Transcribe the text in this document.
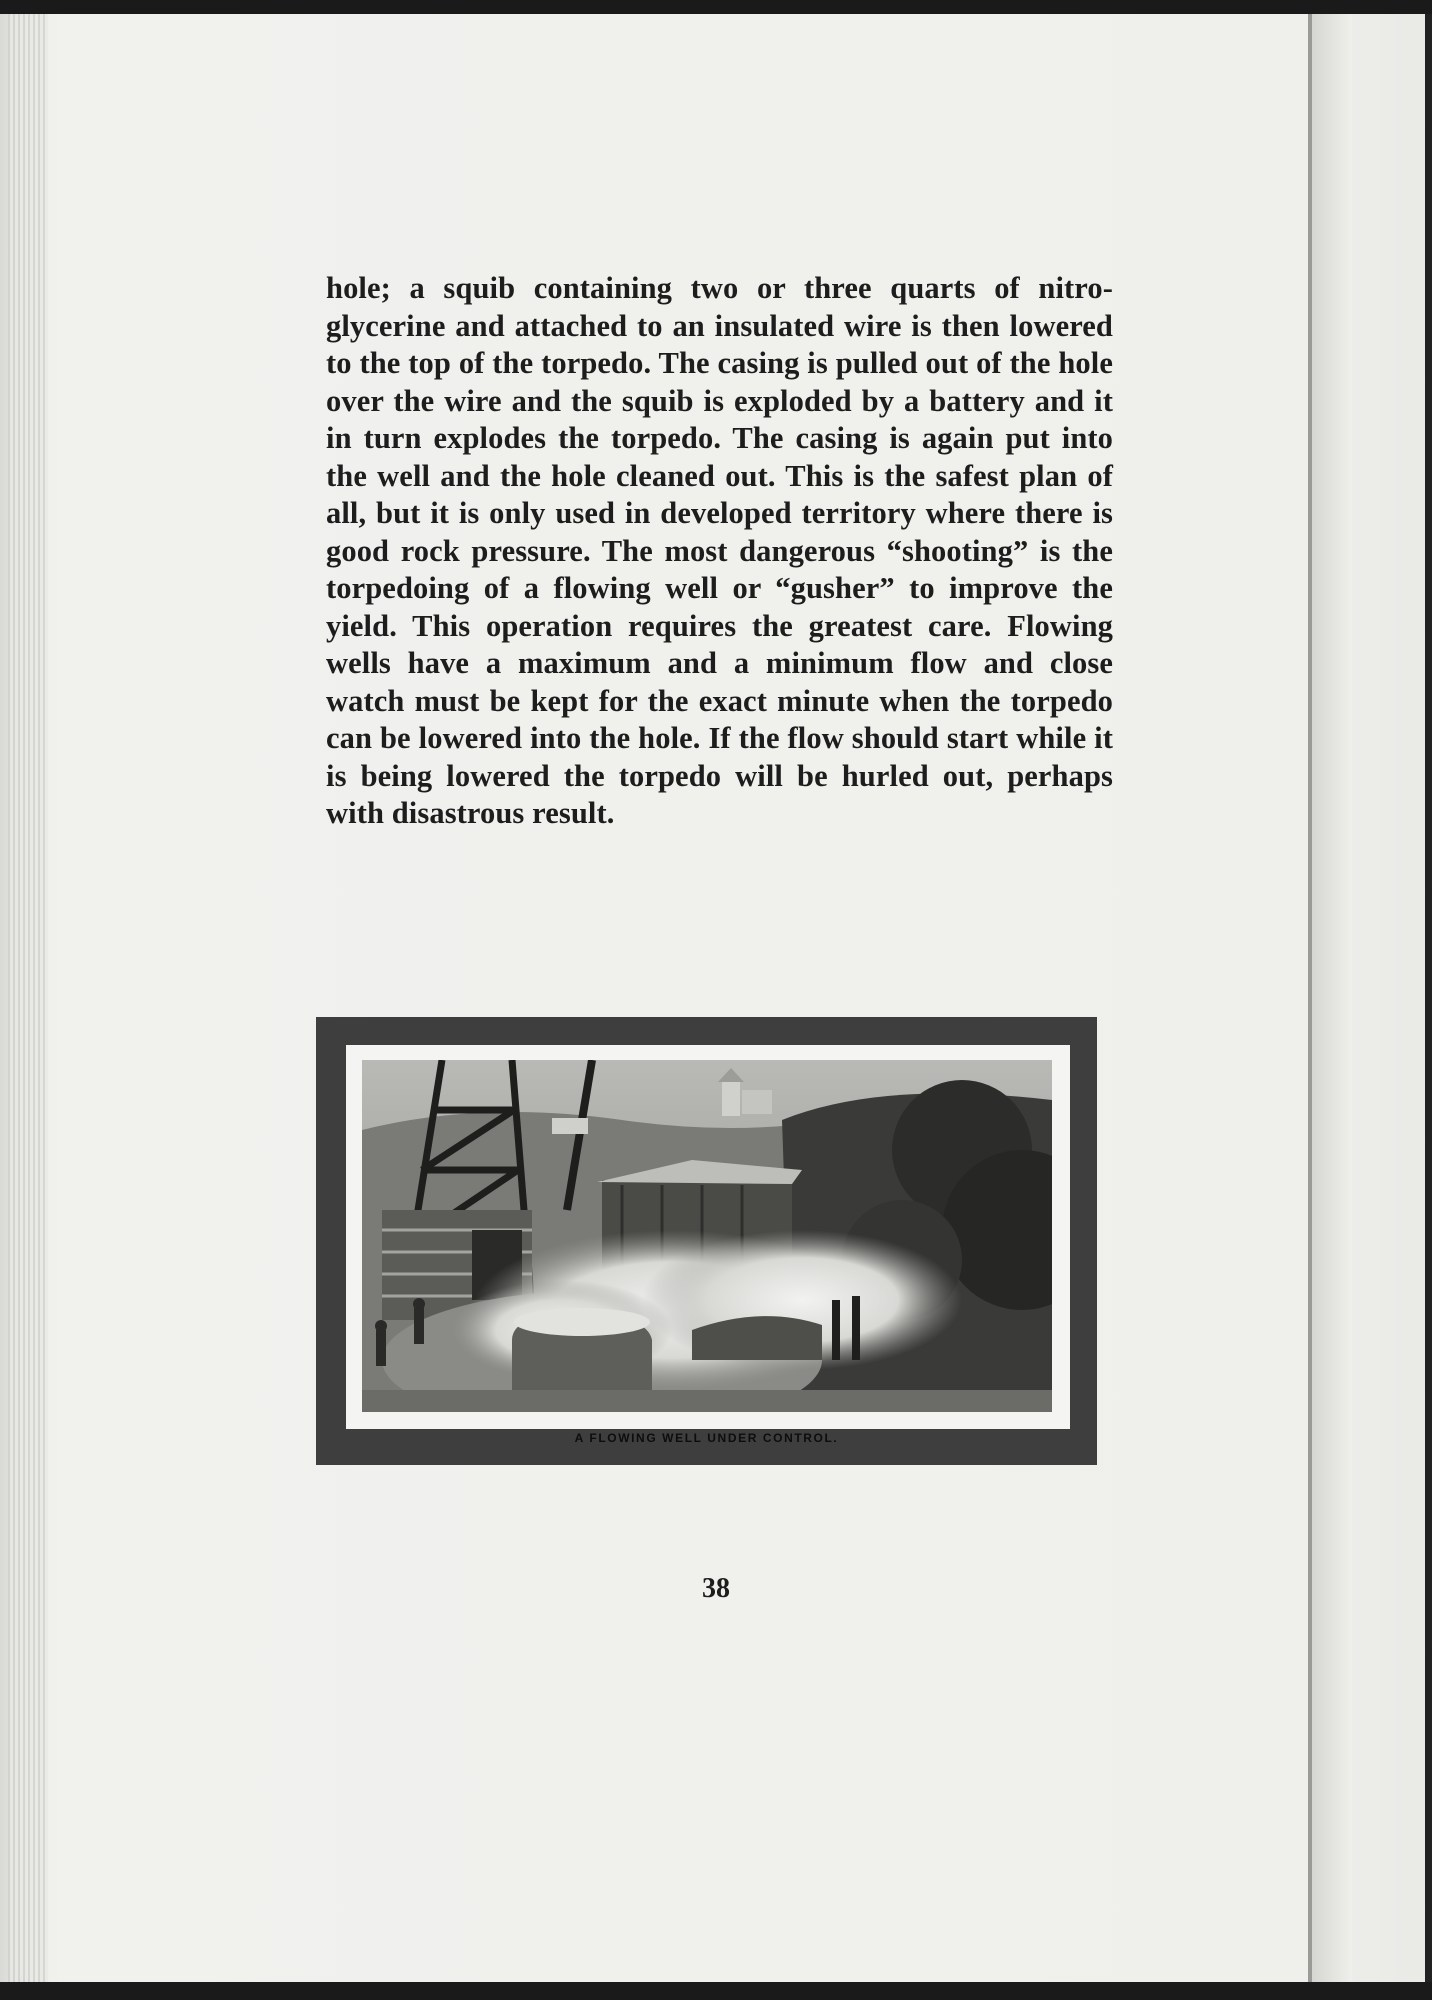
hole; a squib containing two or three quarts of nitro-glycerine and attached to an insulated wire is then lowered to the top of the torpedo. The casing is pulled out of the hole over the wire and the squib is exploded by a battery and it in turn explodes the torpedo. The casing is again put into the well and the hole cleaned out. This is the safest plan of all, but it is only used in developed territory where there is good rock pressure. The most dangerous “shooting” is the torpedoing of a flowing well or “gusher” to improve the yield. This operation requires the greatest care. Flowing wells have a maximum and a minimum flow and close watch must be kept for the exact minute when the torpedo can be lowered into the hole. If the flow should start while it is being lowered the torpedo will be hurled out, perhaps with disastrous result.

A FLOWING WELL UNDER CONTROL.
38
